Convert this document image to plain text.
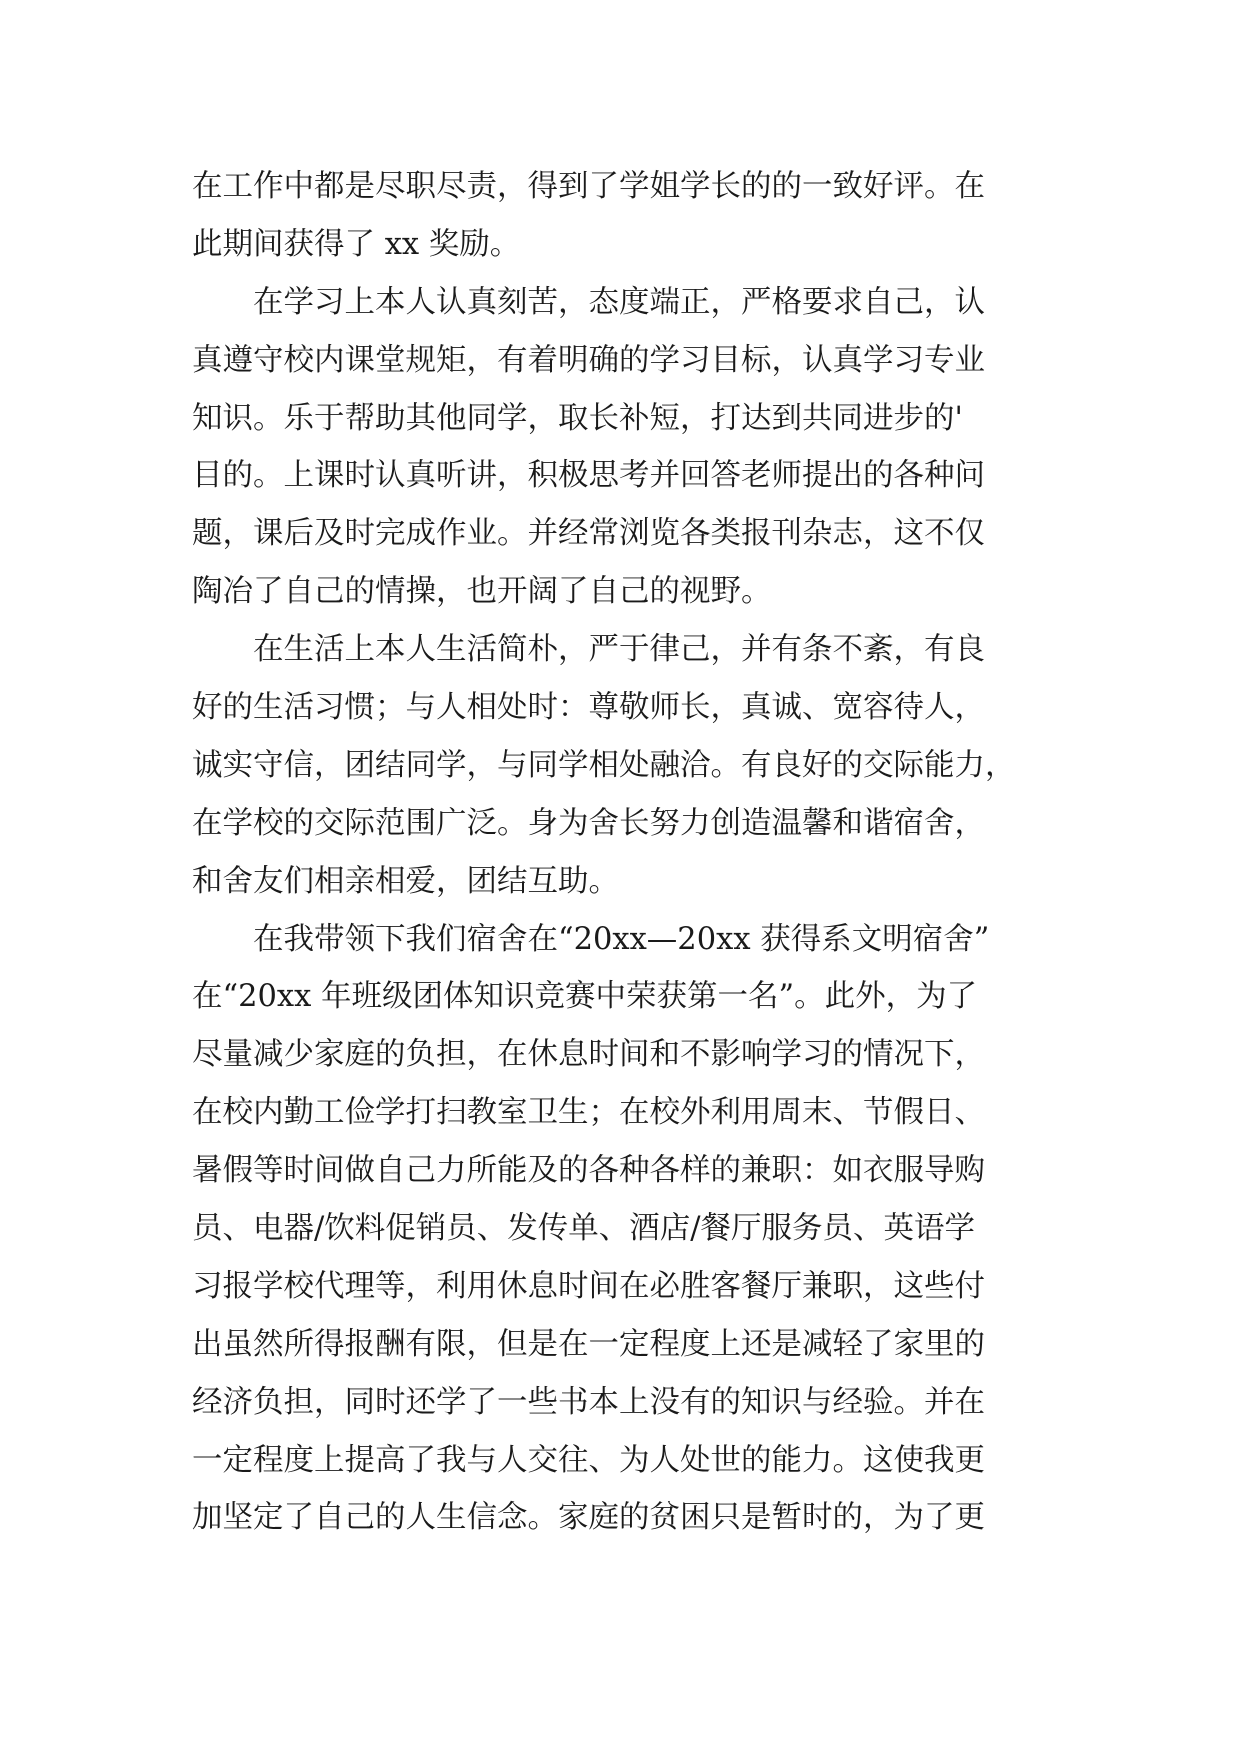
在工作中都是尽职尽责，得到了学姐学长的的一致好评。在
此期间获得了 xx 奖励。
　　在学习上本人认真刻苦，态度端正，严格要求自己，认
真遵守校内课堂规矩，有着明确的学习目标，认真学习专业
知识。乐于帮助其他同学，取长补短，打达到共同进步的'
目的。上课时认真听讲，积极思考并回答老师提出的各种问
题，课后及时完成作业。并经常浏览各类报刊杂志，这不仅
陶冶了自己的情操，也开阔了自己的视野。
　　在生活上本人生活简朴，严于律己，并有条不紊，有良
好的生活习惯；与人相处时：尊敬师长，真诚、宽容待人，
诚实守信，团结同学，与同学相处融洽。有良好的交际能力，
在学校的交际范围广泛。身为舍长努力创造温馨和谐宿舍，
和舍友们相亲相爱，团结互助。
　　在我带领下我们宿舍在“20xx—20xx 获得系文明宿舍”
在“20xx 年班级团体知识竞赛中荣获第一名”。此外，为了
尽量减少家庭的负担，在休息时间和不影响学习的情况下，
在校内勤工俭学打扫教室卫生；在校外利用周末、节假日、
暑假等时间做自己力所能及的各种各样的兼职：如衣服导购
员、电器/饮料促销员、发传单、酒店/餐厅服务员、英语学
习报学校代理等，利用休息时间在必胜客餐厅兼职，这些付
出虽然所得报酬有限，但是在一定程度上还是减轻了家里的
经济负担，同时还学了一些书本上没有的知识与经验。并在
一定程度上提高了我与人交往、为人处世的能力。这使我更
加坚定了自己的人生信念。家庭的贫困只是暂时的，为了更
